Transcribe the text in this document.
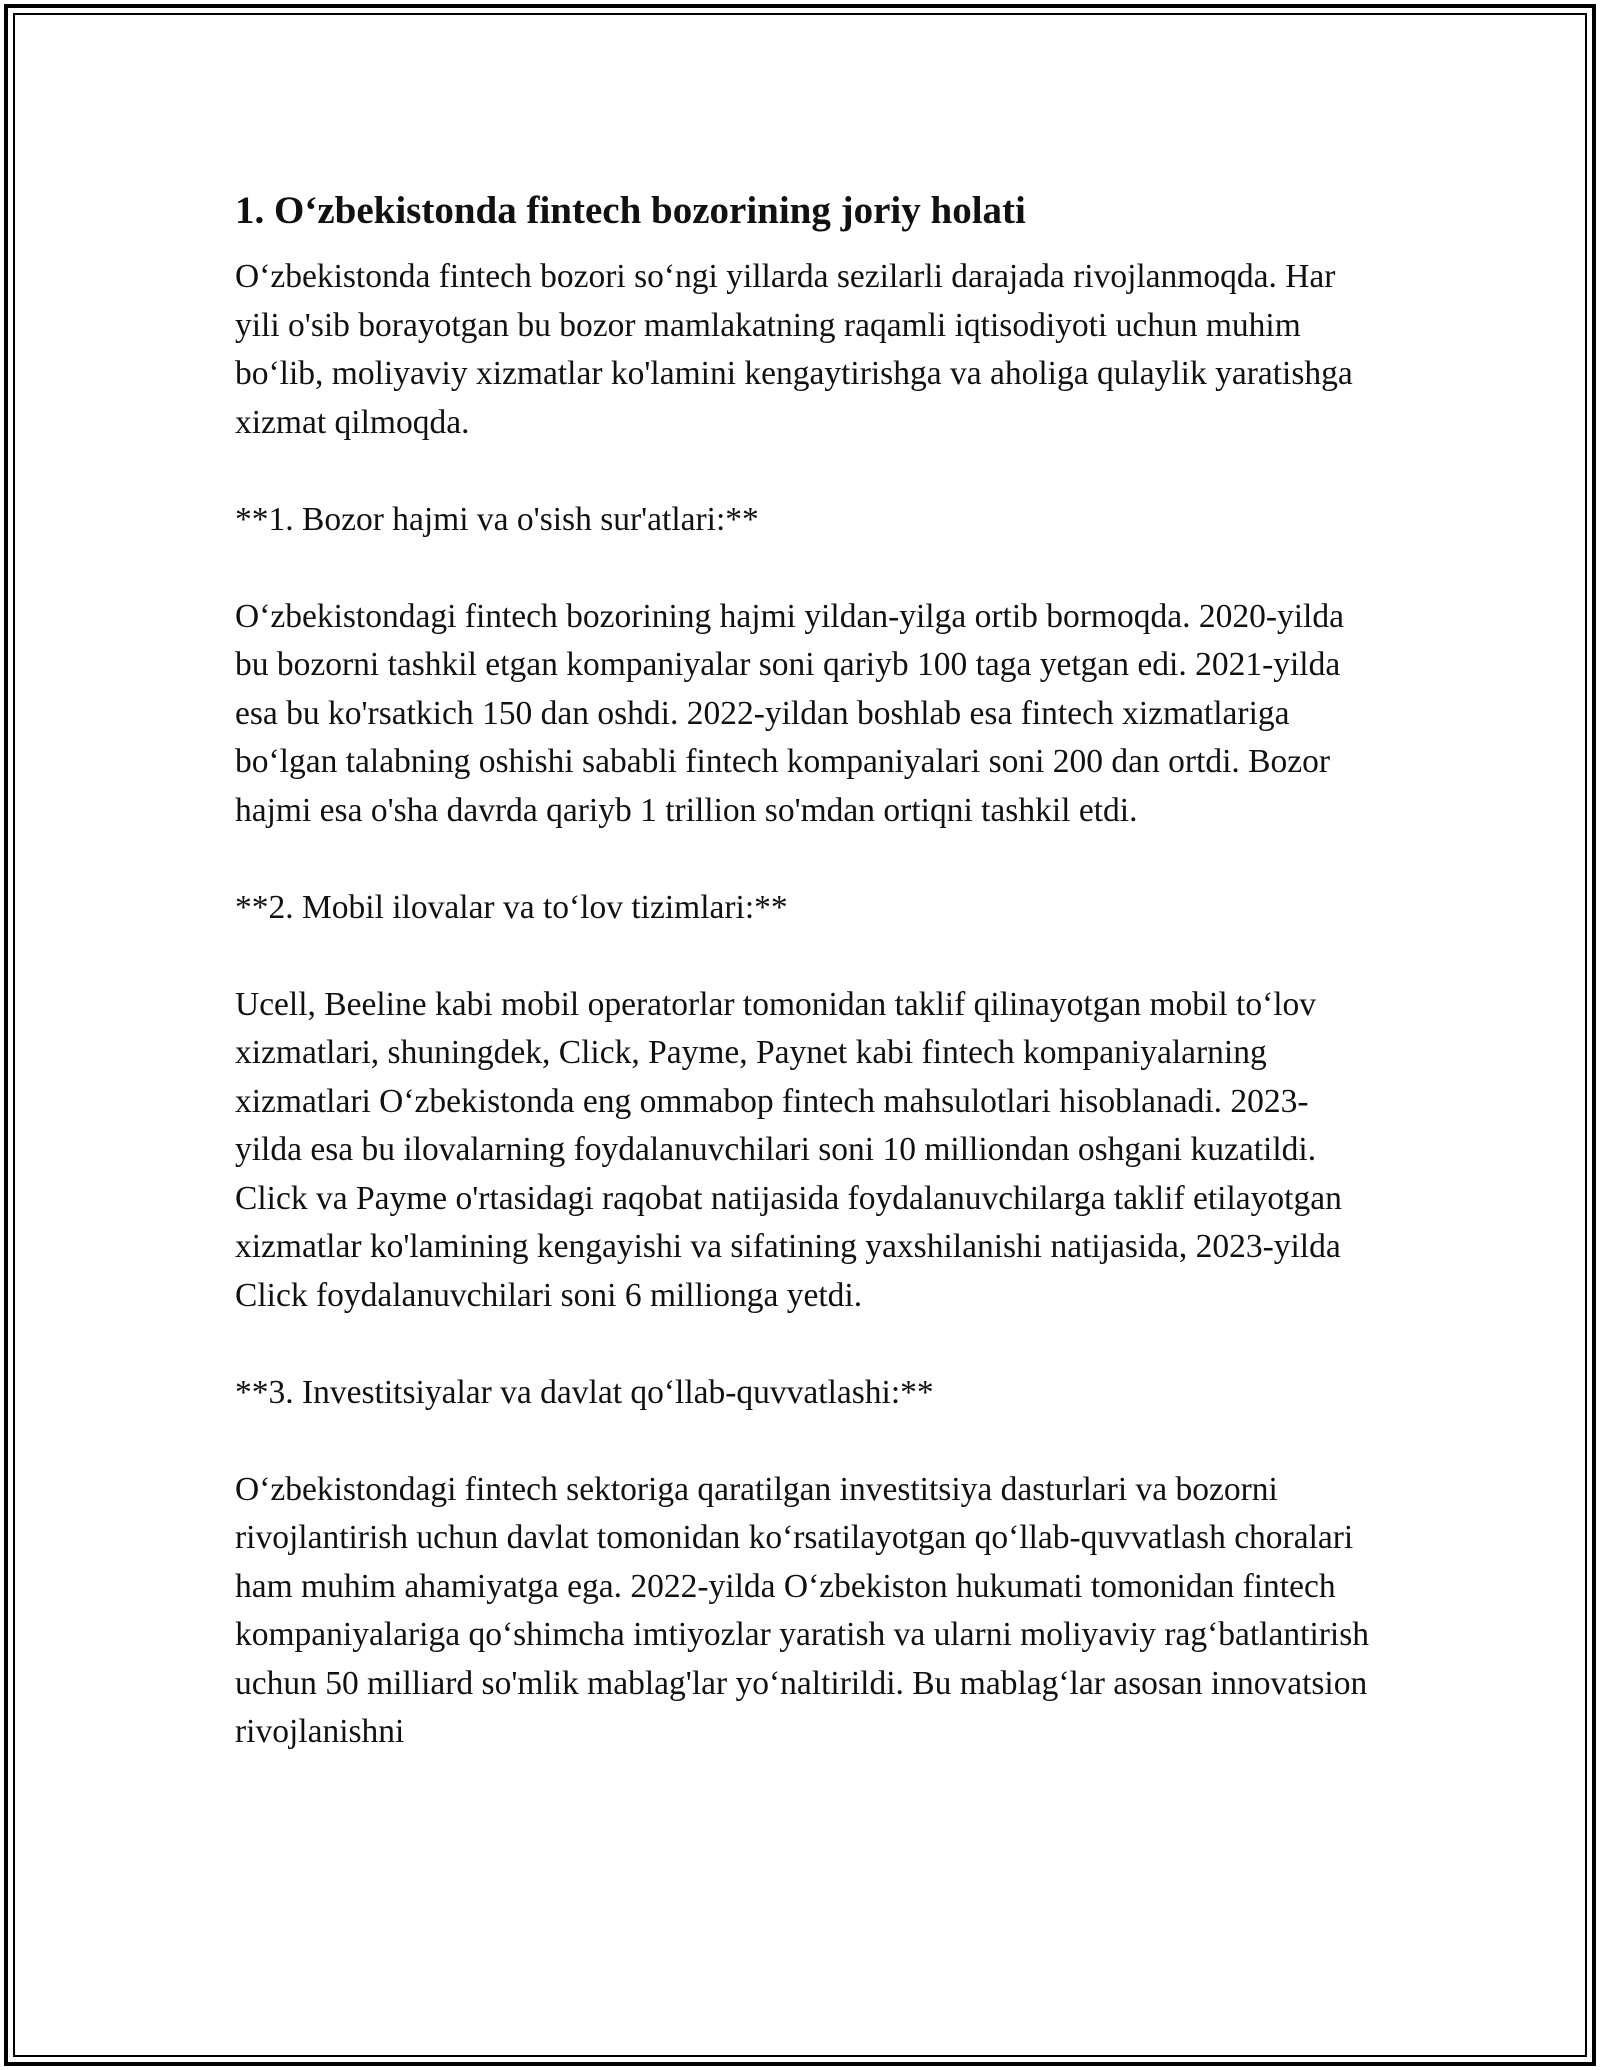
1. O‘zbekistonda fintech bozorining joriy holati

O‘zbekistonda fintech bozori so‘ngi yillarda sezilarli darajada rivojlanmoqda. Har yili o'sib borayotgan bu bozor mamlakatning raqamli iqtisodiyoti uchun muhim bo‘lib, moliyaviy xizmatlar ko'lamini kengaytirishga va aholiga qulaylik yaratishga xizmat qilmoqda.

**1. Bozor hajmi va o'sish sur'atlari:**

O‘zbekistondagi fintech bozorining hajmi yildan-yilga ortib bormoqda. 2020-yilda bu bozorni tashkil etgan kompaniyalar soni qariyb 100 taga yetgan edi. 2021-yilda esa bu ko'rsatkich 150 dan oshdi. 2022-yildan boshlab esa fintech xizmatlariga bo‘lgan talabning oshishi sababli fintech kompaniyalari soni 200 dan ortdi. Bozor hajmi esa o'sha davrda qariyb 1 trillion so'mdan ortiqni tashkil etdi.

**2. Mobil ilovalar va to‘lov tizimlari:**

Ucell, Beeline kabi mobil operatorlar tomonidan taklif qilinayotgan mobil to‘lov xizmatlari, shuningdek, Click, Payme, Paynet kabi fintech kompaniyalarning xizmatlari O‘zbekistonda eng ommabop fintech mahsulotlari hisoblanadi. 2023-yilda esa bu ilovalarning foydalanuvchilari soni 10 milliondan oshgani kuzatildi. Click va Payme o'rtasidagi raqobat natijasida foydalanuvchilarga taklif etilayotgan xizmatlar ko'lamining kengayishi va sifatining yaxshilanishi natijasida, 2023-yilda Click foydalanuvchilari soni 6 millionga yetdi.

**3. Investitsiyalar va davlat qo‘llab-quvvatlashi:**

O‘zbekistondagi fintech sektoriga qaratilgan investitsiya dasturlari va bozorni rivojlantirish uchun davlat tomonidan ko‘rsatilayotgan qo‘llab-quvvatlash choralari ham muhim ahamiyatga ega. 2022-yilda O‘zbekiston hukumati tomonidan fintech kompaniyalariga qo‘shimcha imtiyozlar yaratish va ularni moliyaviy rag‘batlantirish uchun 50 milliard so'mlik mablag'lar yo‘naltirildi. Bu mablag‘lar asosan innovatsion rivojlanishni
